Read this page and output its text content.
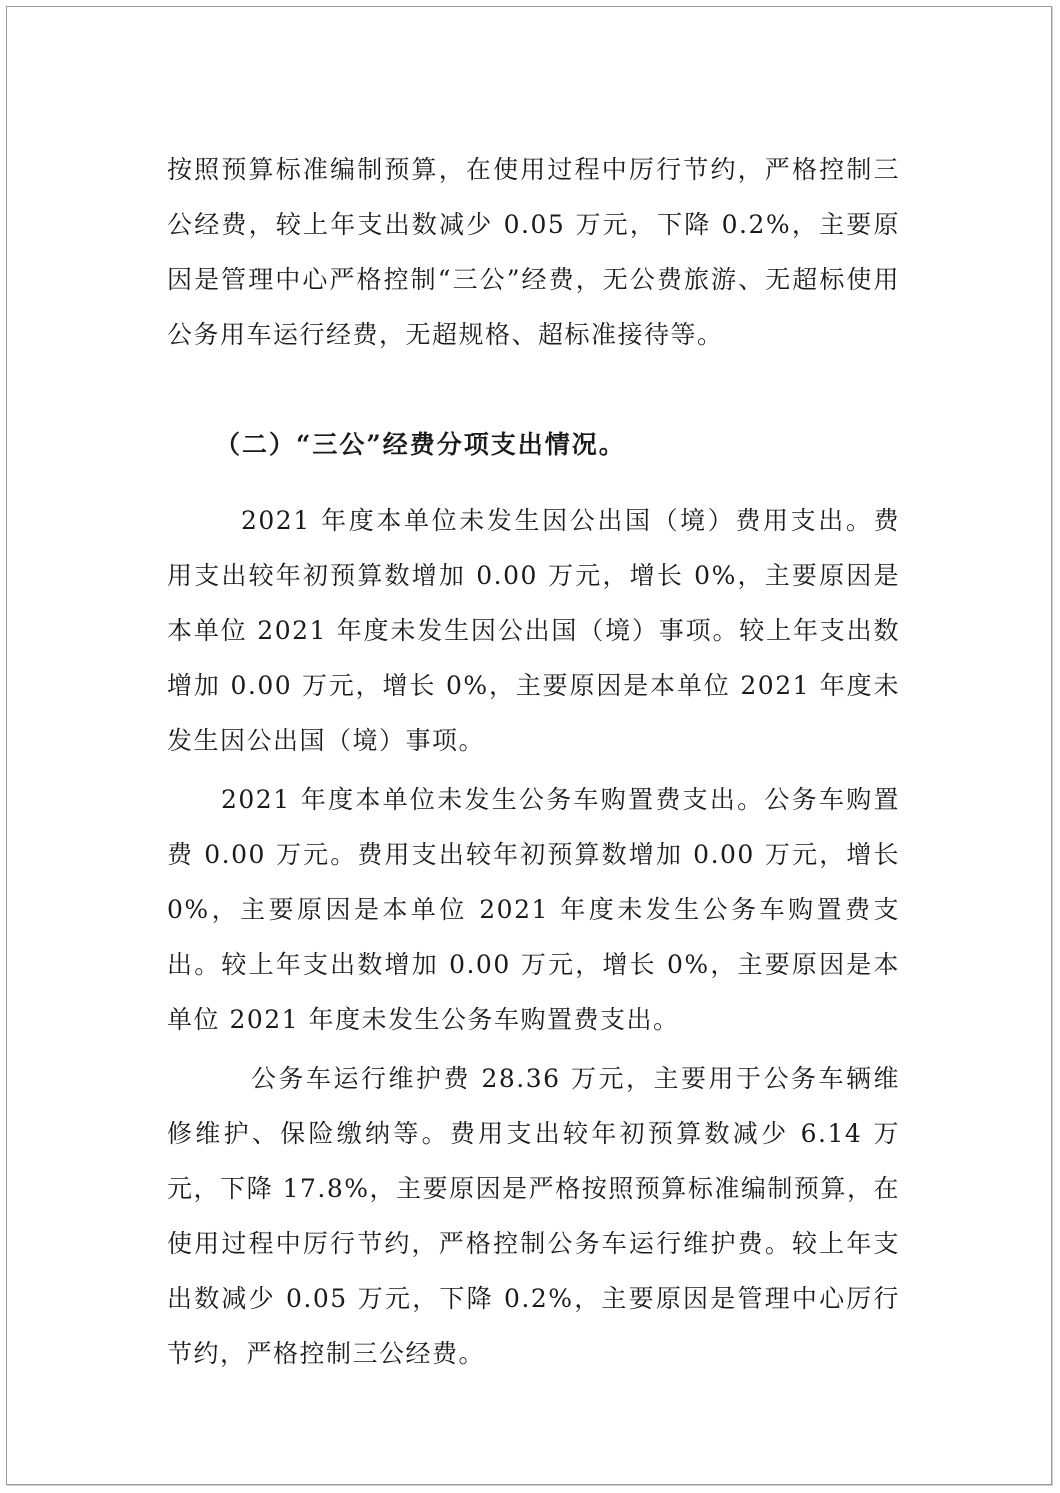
按照预算标准编制预算，在使用过程中厉行节约，严格控制三公经费，较上年支出数减少 0.05 万元，下降 0.2%，主要原因是管理中心严格控制“三公”经费，无公费旅游、无超标使用公务用车运行经费，无超规格、超标准接待等。

（二）“三公”经费分项支出情况。

2021 年度本单位未发生因公出国（境）费用支出。费用支出较年初预算数增加 0.00 万元，增长 0%，主要原因是本单位 2021 年度未发生因公出国（境）事项。较上年支出数增加 0.00 万元，增长 0%，主要原因是本单位 2021 年度未发生因公出国（境）事项。

2021 年度本单位未发生公务车购置费支出。公务车购置费 0.00 万元。费用支出较年初预算数增加 0.00 万元，增长 0%，主要原因是本单位 2021 年度未发生公务车购置费支出。较上年支出数增加 0.00 万元，增长 0%，主要原因是本单位 2021 年度未发生公务车购置费支出。

公务车运行维护费 28.36 万元，主要用于公务车辆维修维护、保险缴纳等。费用支出较年初预算数减少 6.14 万元，下降 17.8%，主要原因是严格按照预算标准编制预算，在使用过程中厉行节约，严格控制公务车运行维护费。较上年支出数减少 0.05 万元，下降 0.2%，主要原因是管理中心厉行节约，严格控制三公经费。
